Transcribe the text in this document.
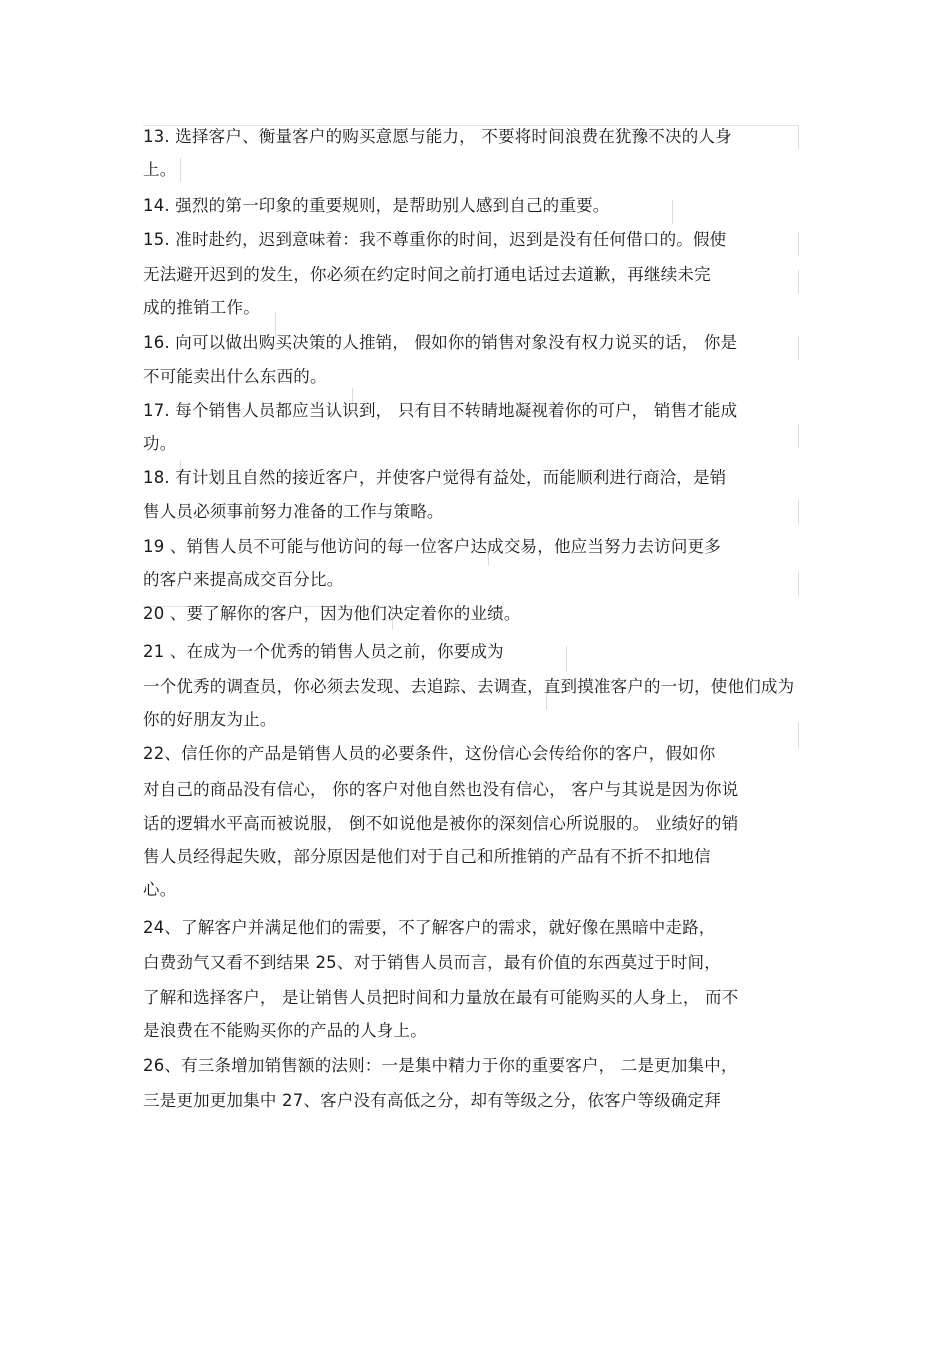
13. 选择客户、衡量客户的购买意愿与能力， 不要将时间浪费在犹豫不决的人身
上。
14. 强烈的第一印象的重要规则，是帮助别人感到自己的重要。
15. 准时赴约，迟到意味着：我不尊重你的时间，迟到是没有任何借口的。假使
无法避开迟到的发生，你必须在约定时间之前打通电话过去道歉，再继续未完
成的推销工作。
16. 向可以做出购买决策的人推销， 假如你的销售对象没有权力说买的话， 你是
不可能卖出什么东西的。
17. 每个销售人员都应当认识到， 只有目不转睛地凝视着你的可户， 销售才能成
功。
18. 有计划且自然的接近客户，并使客户觉得有益处，而能顺利进行商洽，是销
售人员必须事前努力准备的工作与策略。
19 、销售人员不可能与他访问的每一位客户达成交易，他应当努力去访问更多
的客户来提高成交百分比。
20 、要了解你的客户，因为他们决定着你的业绩。
21 、在成为一个优秀的销售人员之前，你要成为
一个优秀的调查员，你必须去发现、去追踪、去调查，直到摸准客户的一切，使他们成为
你的好朋友为止。
22、信任你的产品是销售人员的必要条件，这份信心会传给你的客户，假如你
对自己的商品没有信心， 你的客户对他自然也没有信心， 客户与其说是因为你说
话的逻辑水平高而被说服， 倒不如说他是被你的深刻信心所说服的。 业绩好的销
售人员经得起失败，部分原因是他们对于自己和所推销的产品有不折不扣地信
心。
24、了解客户并满足他们的需要，不了解客户的需求，就好像在黑暗中走路，
白费劲气又看不到结果 25、对于销售人员而言，最有价值的东西莫过于时间，
了解和选择客户， 是让销售人员把时间和力量放在最有可能购买的人身上， 而不
是浪费在不能购买你的产品的人身上。
26、有三条增加销售额的法则：一是集中精力于你的重要客户， 二是更加集中，
三是更加更加集中 27、客户没有高低之分，却有等级之分，依客户等级确定拜
